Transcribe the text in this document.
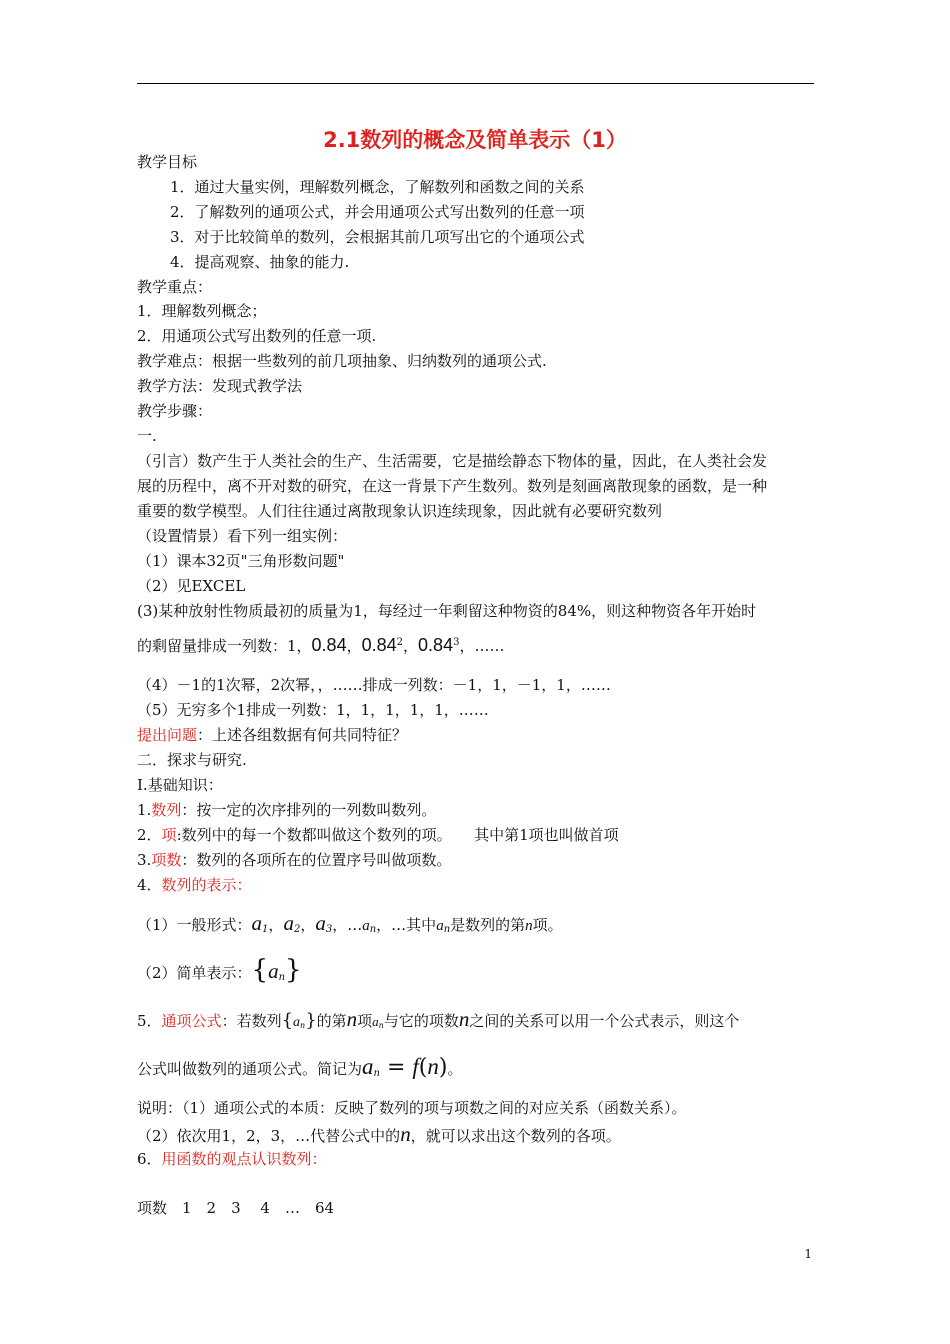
2.1数列的概念及简单表示（1）
教学目标
1．通过大量实例，理解数列概念，了解数列和函数之间的关系
2．了解数列的通项公式，并会用通项公式写出数列的任意一项
3．对于比较简单的数列，会根据其前几项写出它的个通项公式
4．提高观察、抽象的能力.
教学重点：
1．理解数列概念；
2．用通项公式写出数列的任意一项.
教学难点：根据一些数列的前几项抽象、归纳数列的通项公式.
教学方法：发现式教学法
教学步骤：
一.
（引言）数产生于人类社会的生产、生活需要，它是描绘静态下物体的量，因此，在人类社会发
展的历程中，离不开对数的研究，在这一背景下产生数列。数列是刻画离散现象的函数，是一种
重要的数学模型。人们往往通过离散现象认识连续现象，因此就有必要研究数列
（设置情景）看下列一组实例：
（1）课本32页"三角形数问题"
（2）见EXCEL
(3)某种放射性物质最初的质量为1，每经过一年剩留这种物资的84%，则这种物资各年开始时
的剩留量排成一列数：1，0.84，0.84$^2$，0.84$^3$，……
（4）－1的1次幂，2次幂，，……排成一列数：－1，1，－1，1，……
（5）无穷多个1排成一列数：1，1，1，1，1，……
提出问题：上述各组数据有何共同特征？
二．探求与研究.
I.基础知识：
1.数列：按一定的次序排列的一列数叫数列。
2．项:数列中的每一个数都叫做这个数列的项。　　其中第1项也叫做首项
3.项数：数列的各项所在的位置序号叫做项数。
4．数列的表示：
（1）一般形式：$a_1$，$a_2$，$a_3$，$\dots a_n$，…其中$a_n$是数列的第n项。
（2）简单表示：$\{a_n\}$
5．通项公式：若数列$\{a_n\}$的第n项$a_n$与它的项数n之间的关系可以用一个公式表示，则这个
公式叫做数列的通项公式。简记为$a_n = f(n)$。
说明：（1）通项公式的本质：反映了数列的项与项数之间的对应关系（函数关系）。
（2）依次用1，2，3，…代替公式中的n，就可以求出这个数列的各项。
6．用函数的观点认识数列：
项数　1　2　3　 4　…　64
1
